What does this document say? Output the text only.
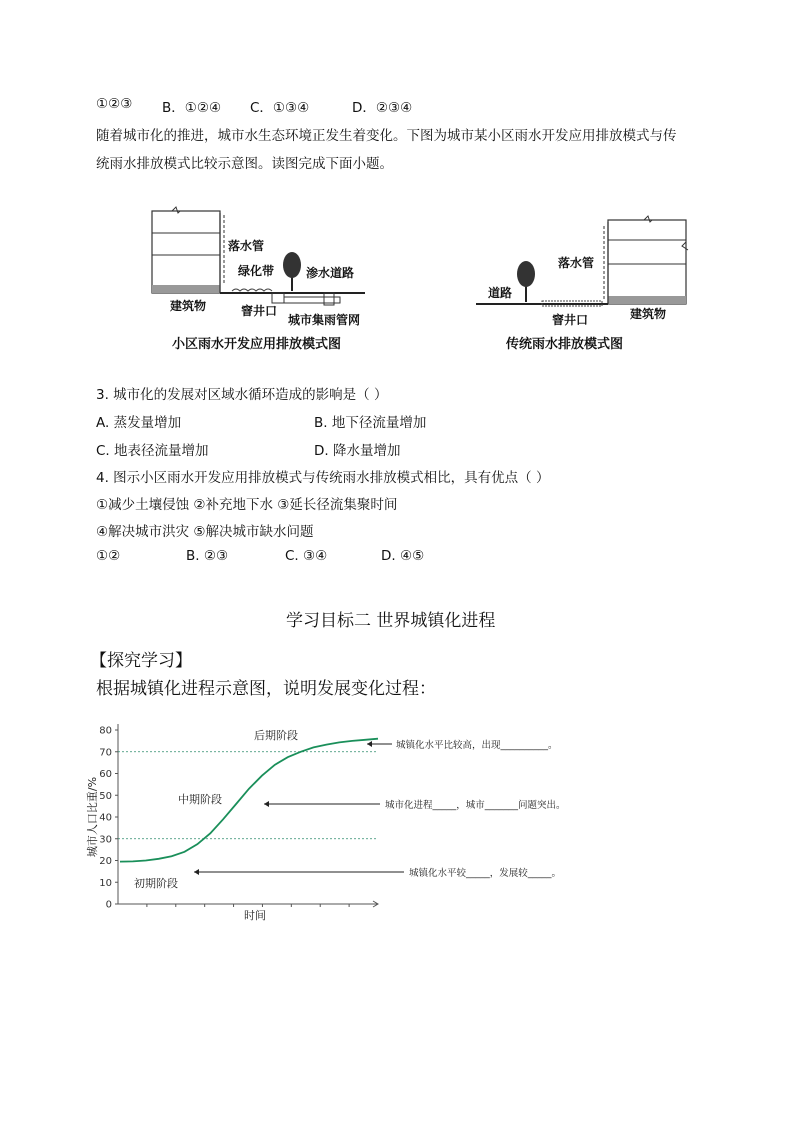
①②③ B．①②④ C．①③④	D．②③④
随着城市化的推进，城市水生态环境正发生着变化。下图为城市某小区雨水开发应用排放模式与传
统雨水排放模式比较示意图。读图完成下面小题。
落水管
绿化带	渗水道路
建筑物	窨井口
城市集雨管网
小区雨水开发应用排放模式图
落水管
道路
窨井口	建筑物
传统雨水排放模式图
3. 城市化的发展对区域水循环造成的影响是（ ）
A. 蒸发量增加	B. 地下径流量增加
C. 地表径流量增加	D. 降水量增加
4. 图示小区雨水开发应用排放模式与传统雨水排放模式相比，具有优点（ ）
①减少土壤侵蚀 ②补充地下水 ③延长径流集聚时间
④解决城市洪灾 ⑤解决城市缺水问题
①②	B. ②③	C. ③④	D. ④⑤
学习目标二 世界城镇化进程
【探究学习】
根据城镇化进程示意图，说明发展变化过程：
0
10
20
30
40
50
60
70
80
城市人口比重/%
时间
后期阶段
中期阶段
初期阶段
城镇化水平比较高，出现__________。
城市化进程_____，城市_______问题突出。
城镇化水平较_____，发展较_____。
